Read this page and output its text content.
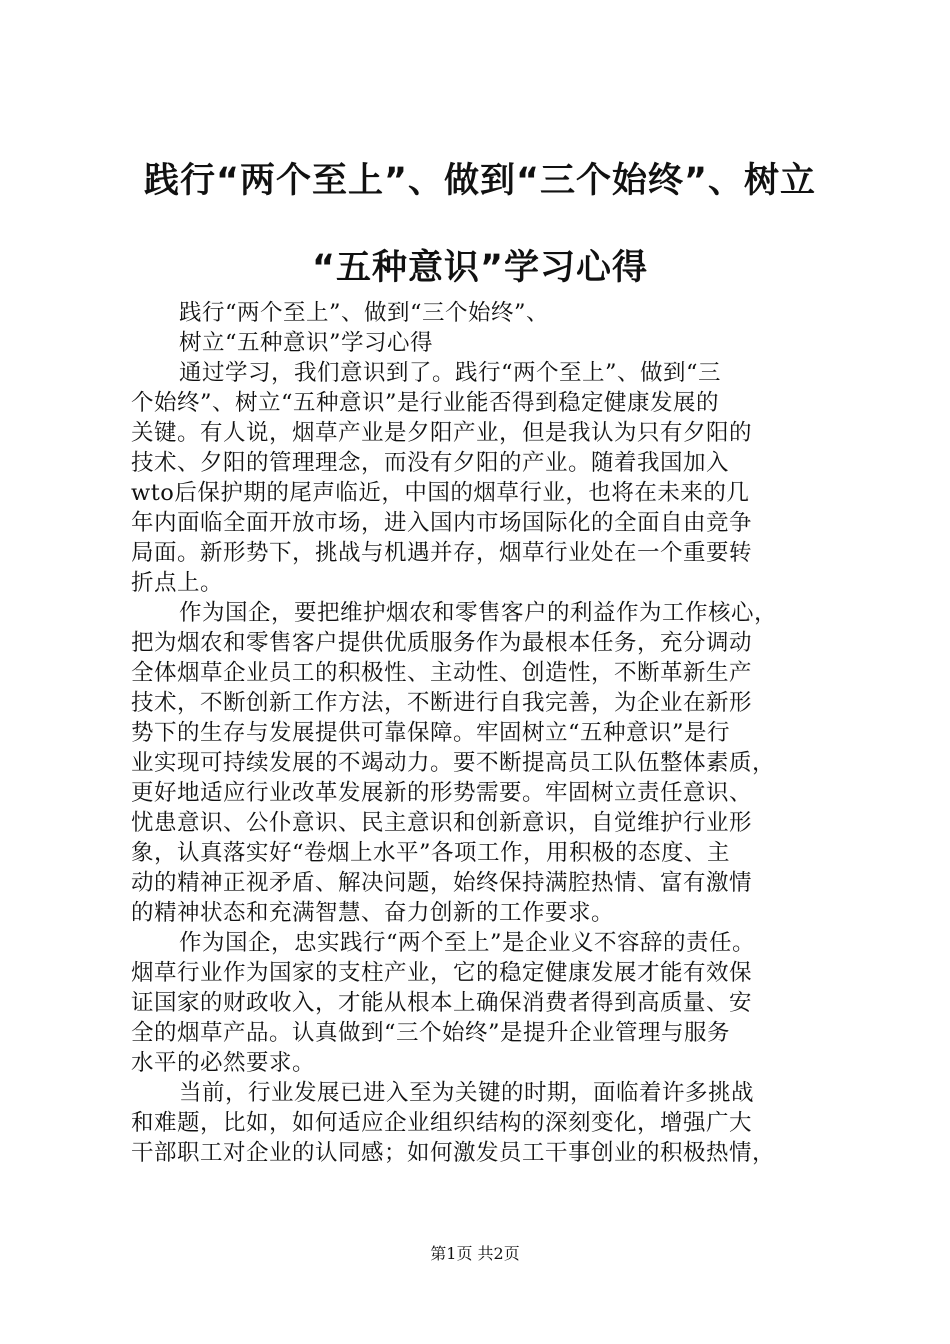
践行“两个至上”、做到“三个始终”、树立
“五种意识”学习心得

践行“两个至上”、做到“三个始终”、

树立“五种意识”学习心得

通过学习，我们意识到了。践行“两个至上”、做到“三

个始终”、树立“五种意识”是行业能否得到稳定健康发展的

关键。有人说，烟草产业是夕阳产业，但是我认为只有夕阳的

技术、夕阳的管理理念，而没有夕阳的产业。随着我国加入

wto后保护期的尾声临近，中国的烟草行业，也将在未来的几

年内面临全面开放市场，进入国内市场国际化的全面自由竞争

局面。新形势下，挑战与机遇并存，烟草行业处在一个重要转

折点上。

作为国企，要把维护烟农和零售客户的利益作为工作核心，

把为烟农和零售客户提供优质服务作为最根本任务，充分调动

全体烟草企业员工的积极性、主动性、创造性，不断革新生产

技术，不断创新工作方法，不断进行自我完善，为企业在新形

势下的生存与发展提供可靠保障。牢固树立“五种意识”是行

业实现可持续发展的不竭动力。要不断提高员工队伍整体素质，

更好地适应行业改革发展新的形势需要。牢固树立责任意识、

忧患意识、公仆意识、民主意识和创新意识，自觉维护行业形

象，认真落实好“卷烟上水平”各项工作，用积极的态度、主

动的精神正视矛盾、解决问题，始终保持满腔热情、富有激情

的精神状态和充满智慧、奋力创新的工作要求。

作为国企，忠实践行“两个至上”是企业义不容辞的责任。

烟草行业作为国家的支柱产业，它的稳定健康发展才能有效保

证国家的财政收入，才能从根本上确保消费者得到高质量、安

全的烟草产品。认真做到“三个始终”是提升企业管理与服务

水平的必然要求。

当前，行业发展已进入至为关键的时期，面临着许多挑战

和难题，比如，如何适应企业组织结构的深刻变化，增强广大

干部职工对企业的认同感；如何激发员工干事创业的积极热情，

第1页 共2页
